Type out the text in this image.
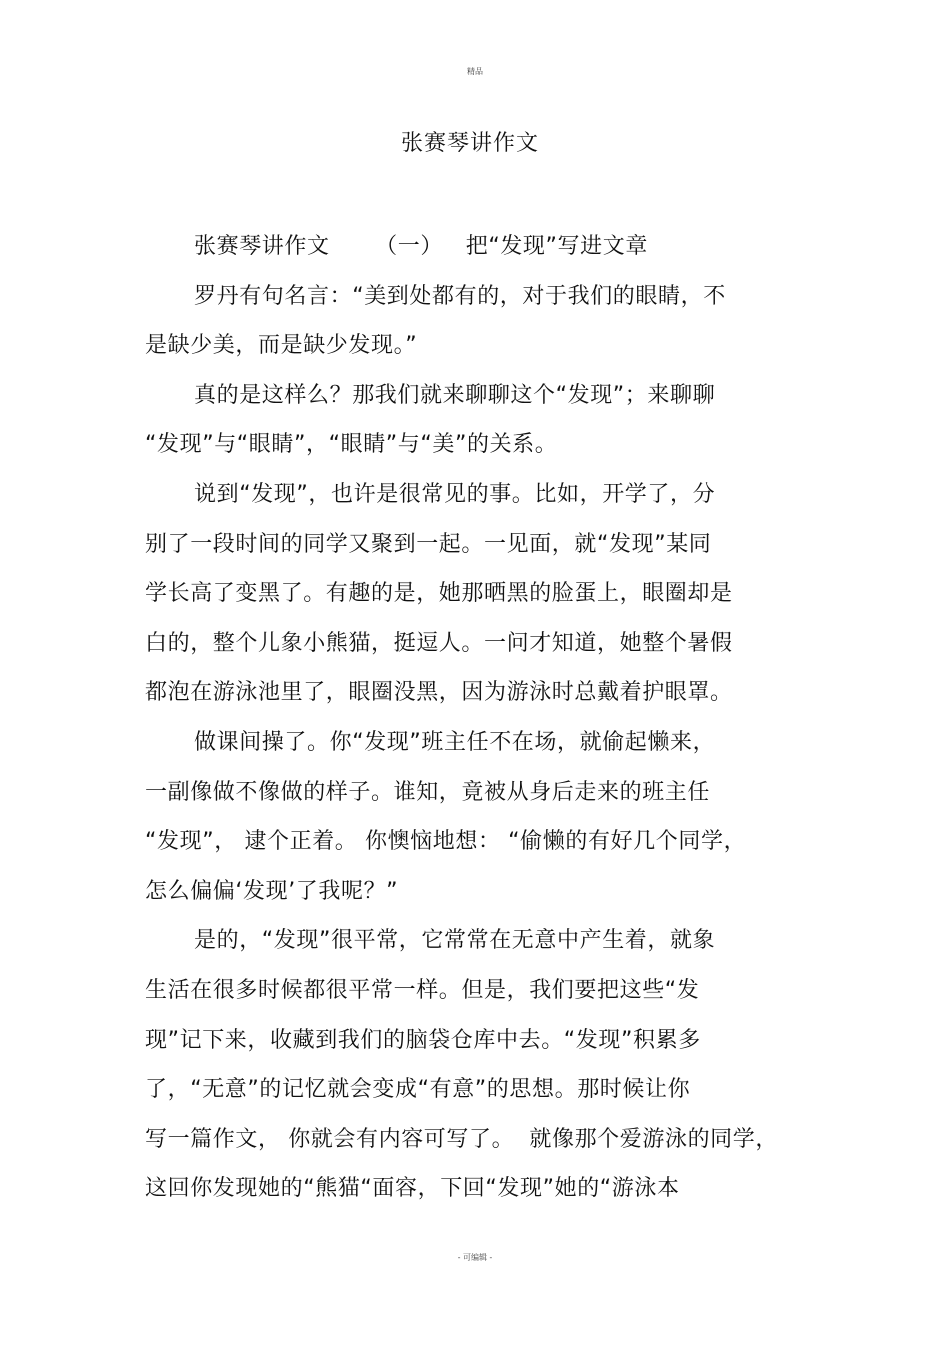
精品
张赛琴讲作文
张赛琴讲作文      （一）   把“发现”写进文章
罗丹有句名言：“美到处都有的，对于我们的眼睛，不
是缺少美，而是缺少发现。”
真的是这样么？那我们就来聊聊这个“发现”；来聊聊
“发现”与“眼睛”，“眼睛”与“美”的关系。
说到“发现”，也许是很常见的事。比如，开学了，分
别了一段时间的同学又聚到一起。一见面，就“发现”某同
学长高了变黑了。有趣的是，她那晒黑的脸蛋上，眼圈却是
白的，整个儿象小熊猫，挺逗人。一问才知道，她整个暑假
都泡在游泳池里了，眼圈没黑，因为游泳时总戴着护眼罩。
做课间操了。你“发现”班主任不在场，就偷起懒来，
一副像做不像做的样子。谁知，竟被从身后走来的班主任
“发现”， 逮个正着。 你懊恼地想： “偷懒的有好几个同学，
怎么偏偏‘发现’了我呢？”
是的，“发现”很平常，它常常在无意中产生着，就象
生活在很多时候都很平常一样。但是，我们要把这些“发
现”记下来，收藏到我们的脑袋仓库中去。“发现”积累多
了，“无意”的记忆就会变成“有意”的思想。那时候让你
写一篇作文， 你就会有内容可写了。  就像那个爱游泳的同学，
这回你发现她的“熊猫“面容，下回“发现”她的“游泳本
- 可编辑 -
